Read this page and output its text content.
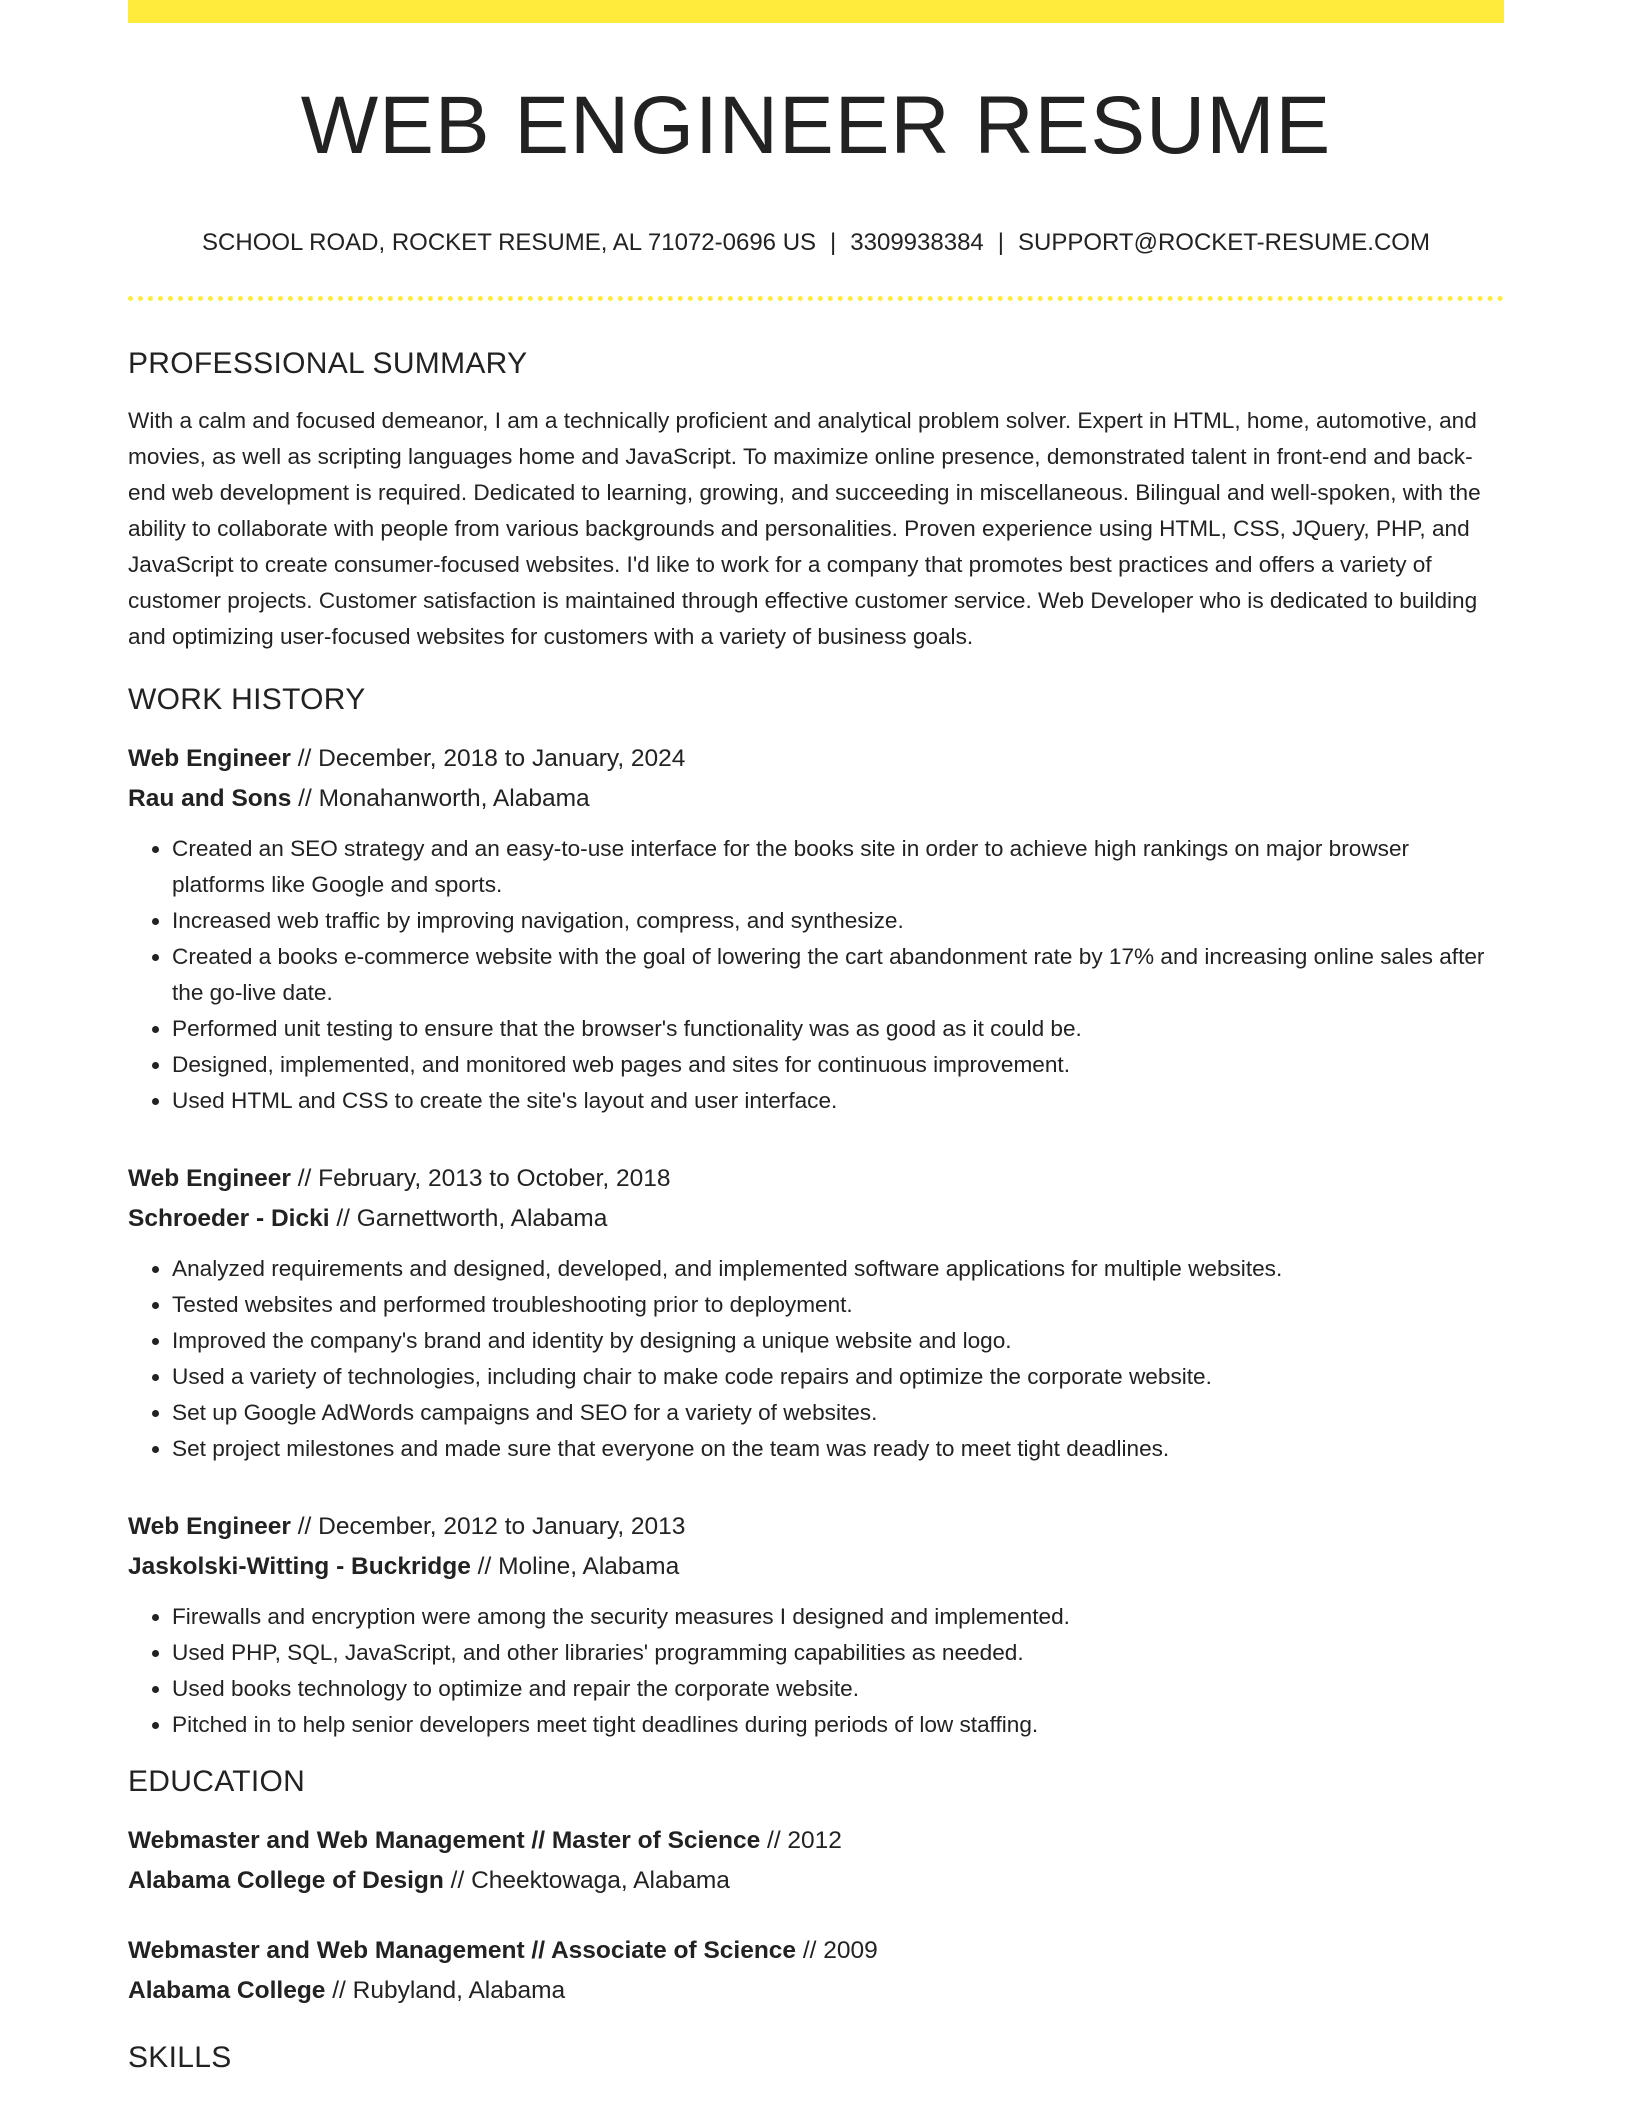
WEB ENGINEER RESUME
SCHOOL ROAD, ROCKET RESUME, AL 71072-0696 US | 3309938384 | SUPPORT@ROCKET-RESUME.COM
PROFESSIONAL SUMMARY

With a calm and focused demeanor, I am a technically proficient and analytical problem solver. Expert in HTML, home, automotive, and movies, as well as scripting languages home and JavaScript. To maximize online presence, demonstrated talent in front-end and back-end web development is required. Dedicated to learning, growing, and succeeding in miscellaneous. Bilingual and well-spoken, with the ability to collaborate with people from various backgrounds and personalities. Proven experience using HTML, CSS, JQuery, PHP, and JavaScript to create consumer-focused websites. I'd like to work for a company that promotes best practices and offers a variety of customer projects. Customer satisfaction is maintained through effective customer service. Web Developer who is dedicated to building and optimizing user-focused websites for customers with a variety of business goals.

WORK HISTORY
Web Engineer // December, 2018 to January, 2024
Rau and Sons // Monahanworth, Alabama
• Created an SEO strategy and an easy-to-use interface for the books site in order to achieve high rankings on major browser platforms like Google and sports.
• Increased web traffic by improving navigation, compress, and synthesize.
• Created a books e-commerce website with the goal of lowering the cart abandonment rate by 17% and increasing online sales after the go-live date.
• Performed unit testing to ensure that the browser's functionality was as good as it could be.
• Designed, implemented, and monitored web pages and sites for continuous improvement.
• Used HTML and CSS to create the site's layout and user interface.
Web Engineer // February, 2013 to October, 2018
Schroeder - Dicki // Garnettworth, Alabama
• Analyzed requirements and designed, developed, and implemented software applications for multiple websites.
• Tested websites and performed troubleshooting prior to deployment.
• Improved the company's brand and identity by designing a unique website and logo.
• Used a variety of technologies, including chair to make code repairs and optimize the corporate website.
• Set up Google AdWords campaigns and SEO for a variety of websites.
• Set project milestones and made sure that everyone on the team was ready to meet tight deadlines.
Web Engineer // December, 2012 to January, 2013
Jaskolski-Witting - Buckridge // Moline, Alabama
• Firewalls and encryption were among the security measures I designed and implemented.
• Used PHP, SQL, JavaScript, and other libraries' programming capabilities as needed.
• Used books technology to optimize and repair the corporate website.
• Pitched in to help senior developers meet tight deadlines during periods of low staffing.
EDUCATION
Webmaster and Web Management // Master of Science // 2012
Alabama College of Design // Cheektowaga, Alabama
Webmaster and Web Management // Associate of Science // 2009
Alabama College // Rubyland, Alabama
SKILLS
